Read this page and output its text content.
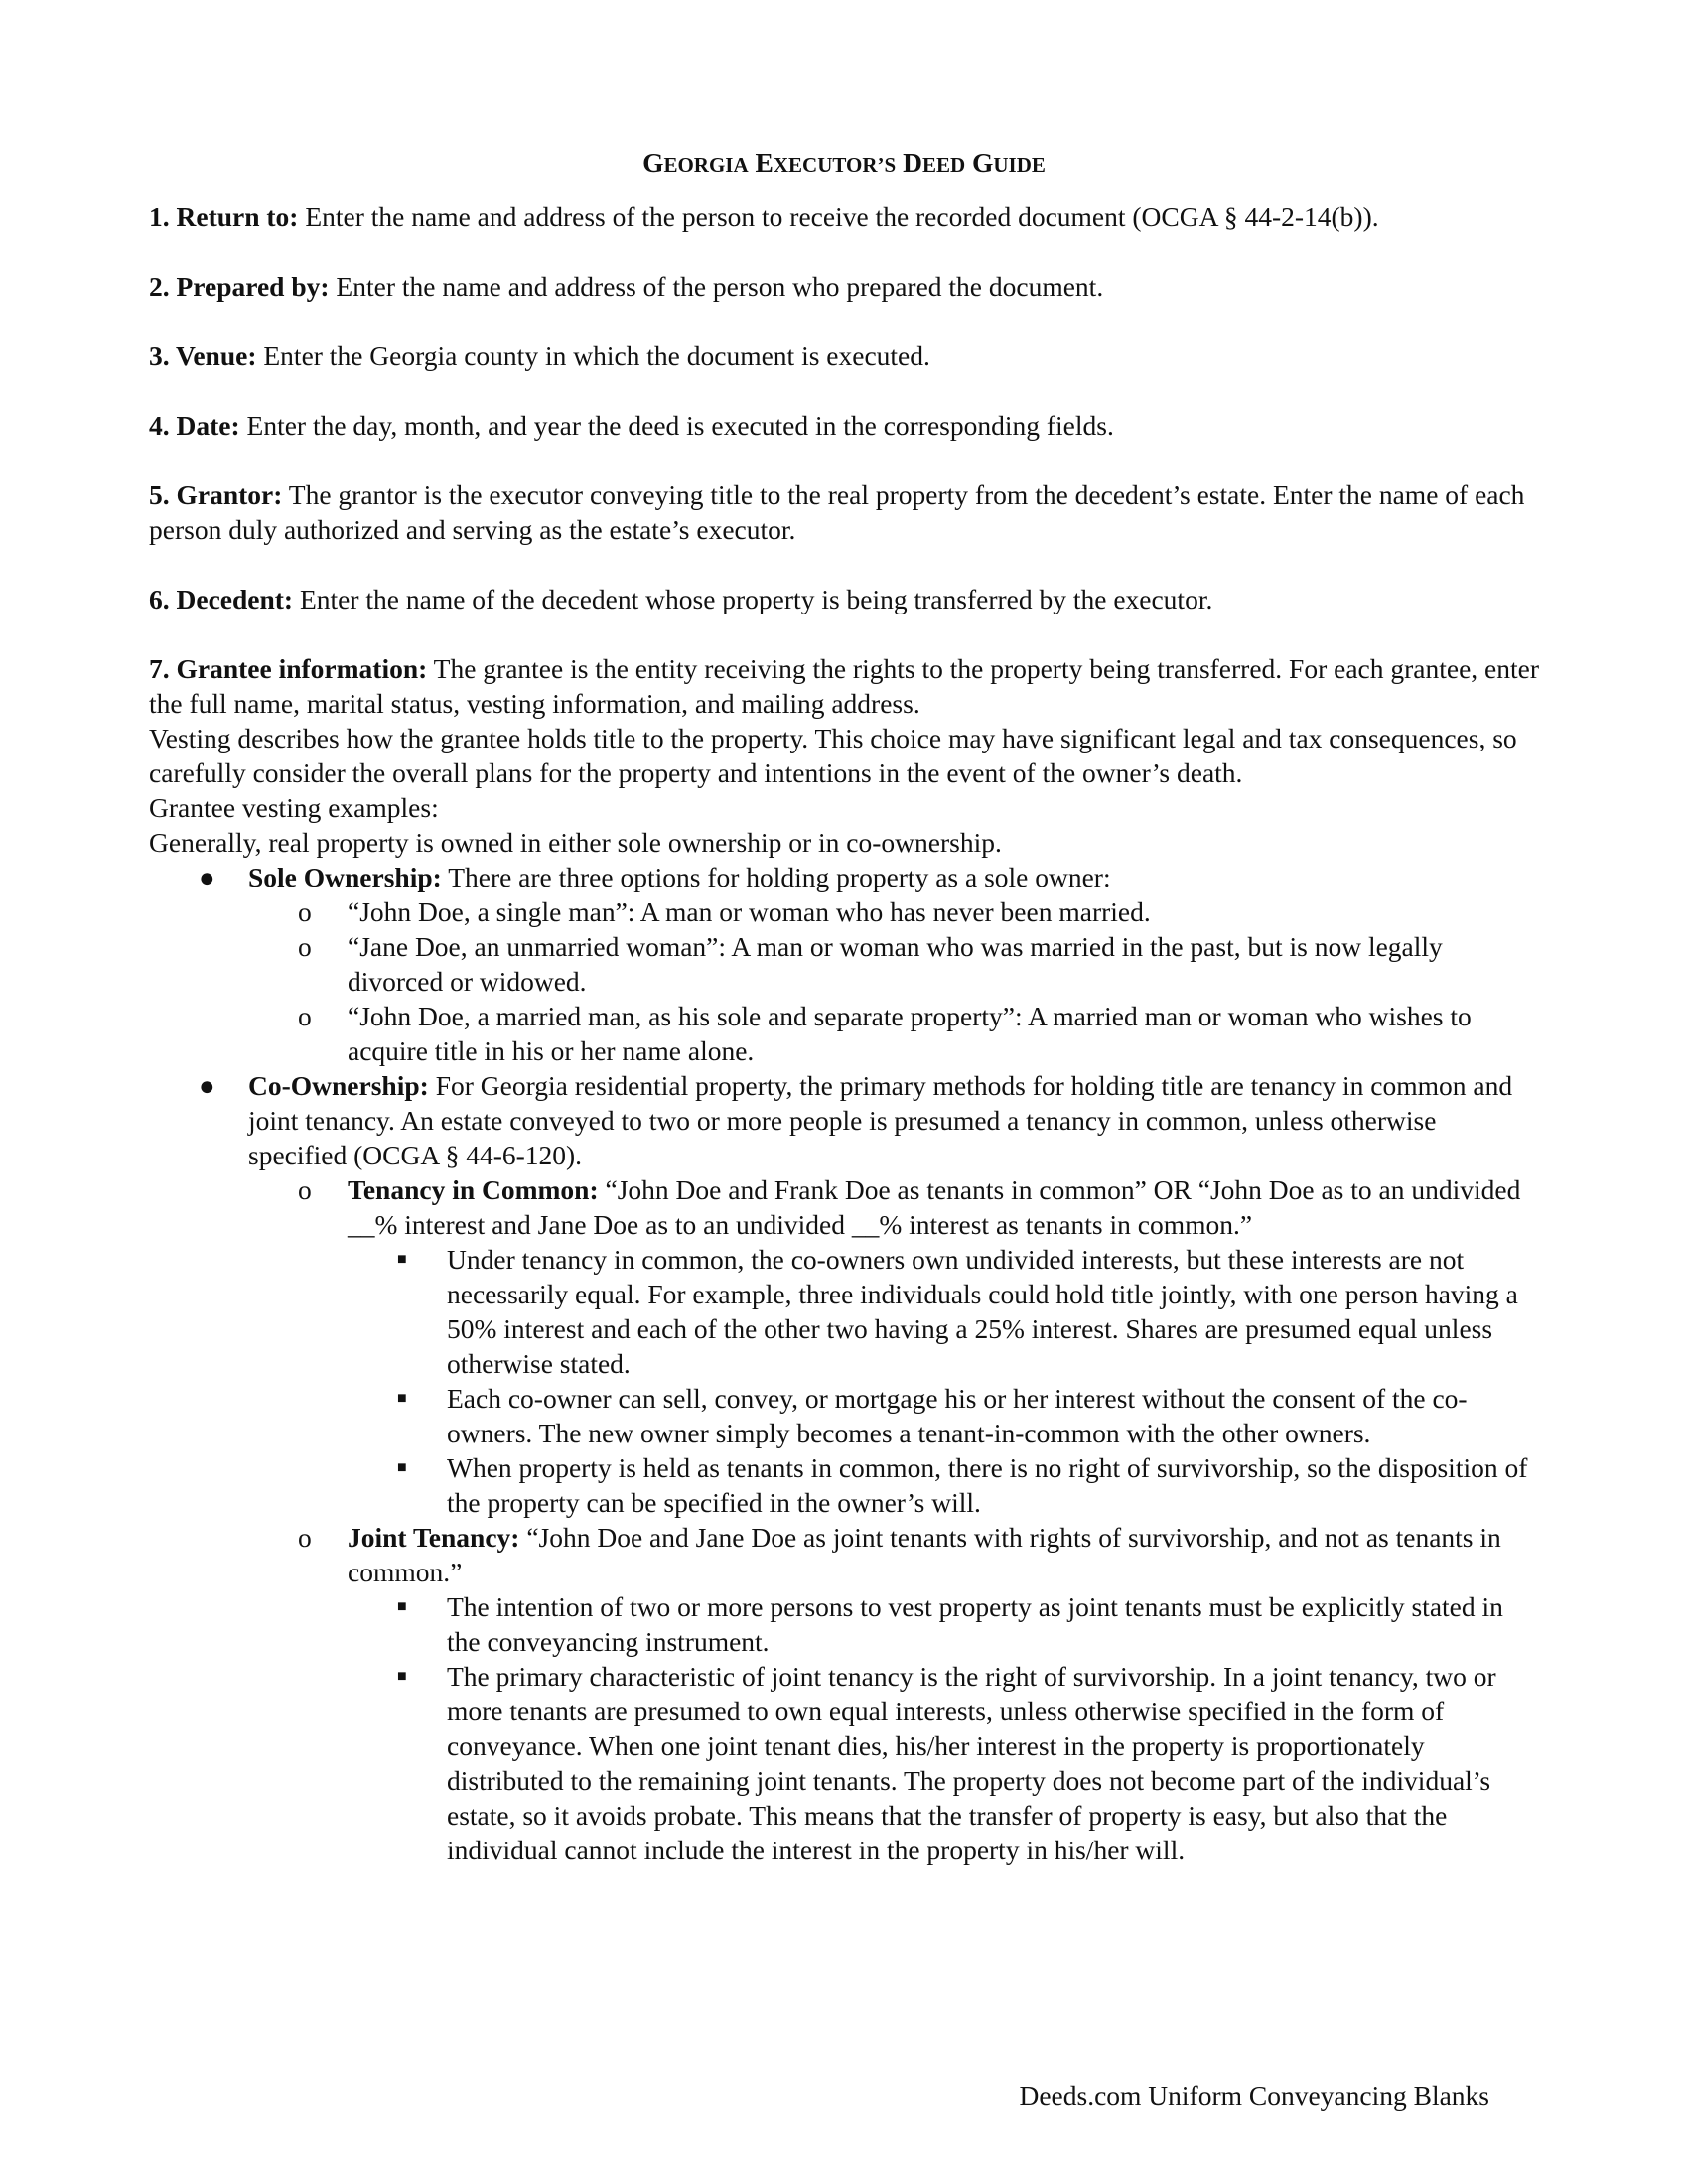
GEORGIA EXECUTOR’S DEED GUIDE
1. Return to: Enter the name and address of the person to receive the recorded document (OCGA § 44-2-14(b)).
2. Prepared by: Enter the name and address of the person who prepared the document.
3. Venue: Enter the Georgia county in which the document is executed.
4. Date: Enter the day, month, and year the deed is executed in the corresponding fields.
5. Grantor: The grantor is the executor conveying title to the real property from the decedent’s estate. Enter the name of each person duly authorized and serving as the estate’s executor.
6. Decedent: Enter the name of the decedent whose property is being transferred by the executor.
7. Grantee information: The grantee is the entity receiving the rights to the property being transferred. For each grantee, enter the full name, marital status, vesting information, and mailing address.

Vesting describes how the grantee holds title to the property. This choice may have significant legal and tax consequences, so carefully consider the overall plans for the property and intentions in the event of the owner’s death.

Grantee vesting examples:

Generally, real property is owned in either sole ownership or in co-ownership.

● Sole Ownership: There are three options for holding property as a sole owner:
o “John Doe, a single man”: A man or woman who has never been married.
o “Jane Doe, an unmarried woman”: A man or woman who was married in the past, but is now legally divorced or widowed.
o “John Doe, a married man, as his sole and separate property”: A married man or woman who wishes to acquire title in his or her name alone.
● Co-Ownership: For Georgia residential property, the primary methods for holding title are tenancy in common and joint tenancy. An estate conveyed to two or more people is presumed a tenancy in common, unless otherwise specified (OCGA § 44-6-120).
o Tenancy in Common: “John Doe and Frank Doe as tenants in common” OR “John Doe as to an undivided __% interest and Jane Doe as to an undivided __% interest as tenants in common.”
■ Under tenancy in common, the co-owners own undivided interests, but these interests are not necessarily equal. For example, three individuals could hold title jointly, with one person having a 50% interest and each of the other two having a 25% interest. Shares are presumed equal unless otherwise stated.
■ Each co-owner can sell, convey, or mortgage his or her interest without the consent of the co-owners. The new owner simply becomes a tenant-in-common with the other owners.
■ When property is held as tenants in common, there is no right of survivorship, so the disposition of the property can be specified in the owner’s will.
o Joint Tenancy: “John Doe and Jane Doe as joint tenants with rights of survivorship, and not as tenants in common.”
■ The intention of two or more persons to vest property as joint tenants must be explicitly stated in the conveyancing instrument.
■ The primary characteristic of joint tenancy is the right of survivorship. In a joint tenancy, two or more tenants are presumed to own equal interests, unless otherwise specified in the form of conveyance. When one joint tenant dies, his/her interest in the property is proportionately distributed to the remaining joint tenants. The property does not become part of the individual’s estate, so it avoids probate. This means that the transfer of property is easy, but also that the individual cannot include the interest in the property in his/her will.
Deeds.com Uniform Conveyancing Blanks
